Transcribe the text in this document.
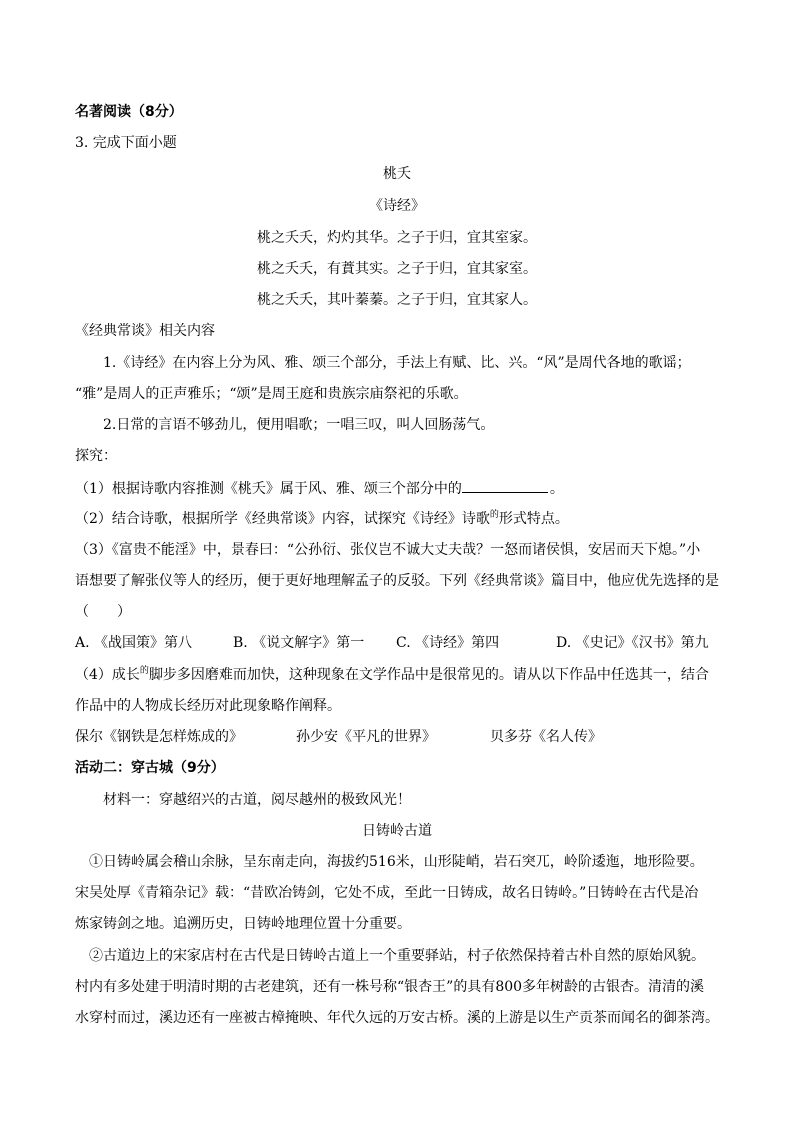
名著阅读（8分）
3. 完成下面小题
桃夭
《诗经》
桃之夭夭，灼灼其华。之子于归，宜其室家。
桃之夭夭，有蕡其实。之子于归，宜其家室。
桃之夭夭，其叶蓁蓁。之子于归，宜其家人。
《经典常谈》相关内容
1.《诗经》在内容上分为风、雅、颂三个部分，手法上有赋、比、兴。“风”是周代各地的歌谣；
“雅”是周人的正声雅乐；“颂”是周王庭和贵族宗庙祭祀的乐歌。
2.日常的言语不够劲儿，便用唱歌；一唱三叹，叫人回肠荡气。
探究：
（1）根据诗歌内容推测《桃夭》属于风、雅、颂三个部分中的	。
（2）结合诗歌，根据所学《经典常谈》内容，试探究《诗经》诗歌$^的$形式特点。
（3）《富贵不能淫》中，景春曰：“公孙衍、张仪岂不诚大丈夫哉？一怒而诸侯惧，安居而天下熄。”小
语想要了解张仪等人的经历，便于更好地理解孟子的反驳。下列《经典常谈》篇目中，他应优先选择的是
（　　）
A. 《战国策》第八	B. 《说文解字》第一 C. 《诗经》第四	D. 《史记》《汉书》第九
（4）成长$^的$脚步多因磨难而加快，这种现象在文学作品中是很常见的。请从以下作品中任选其一，结合
作品中的人物成长经历对此现象略作阐释。
保尔《钢铁是怎样炼成的》	孙少安《平凡的世界》	贝多芬《名人传》
活动二：穿古城（9分）
材料一：穿越绍兴的古道，阅尽越州的极致风光！
日铸岭古道
①日铸岭属会稽山余脉，呈东南走向，海拔约516米，山形陡峭，岩石突兀，岭阶逶迤，地形险要。
宋吴处厚《青箱杂记》载：“昔欧冶铸剑，它处不成，至此一日铸成，故名日铸岭。”日铸岭在古代是冶
炼家铸剑之地。追溯历史，日铸岭地理位置十分重要。
②古道边上的宋家店村在古代是日铸岭古道上一个重要驿站，村子依然保持着古朴自然的原始风貌。
村内有多处建于明清时期的古老建筑，还有一株号称“银杏王”的具有800多年树龄的古银杏。清清的溪
水穿村而过，溪边还有一座被古樟掩映、年代久远的万安古桥。溪的上游是以生产贡茶而闻名的御茶湾。
